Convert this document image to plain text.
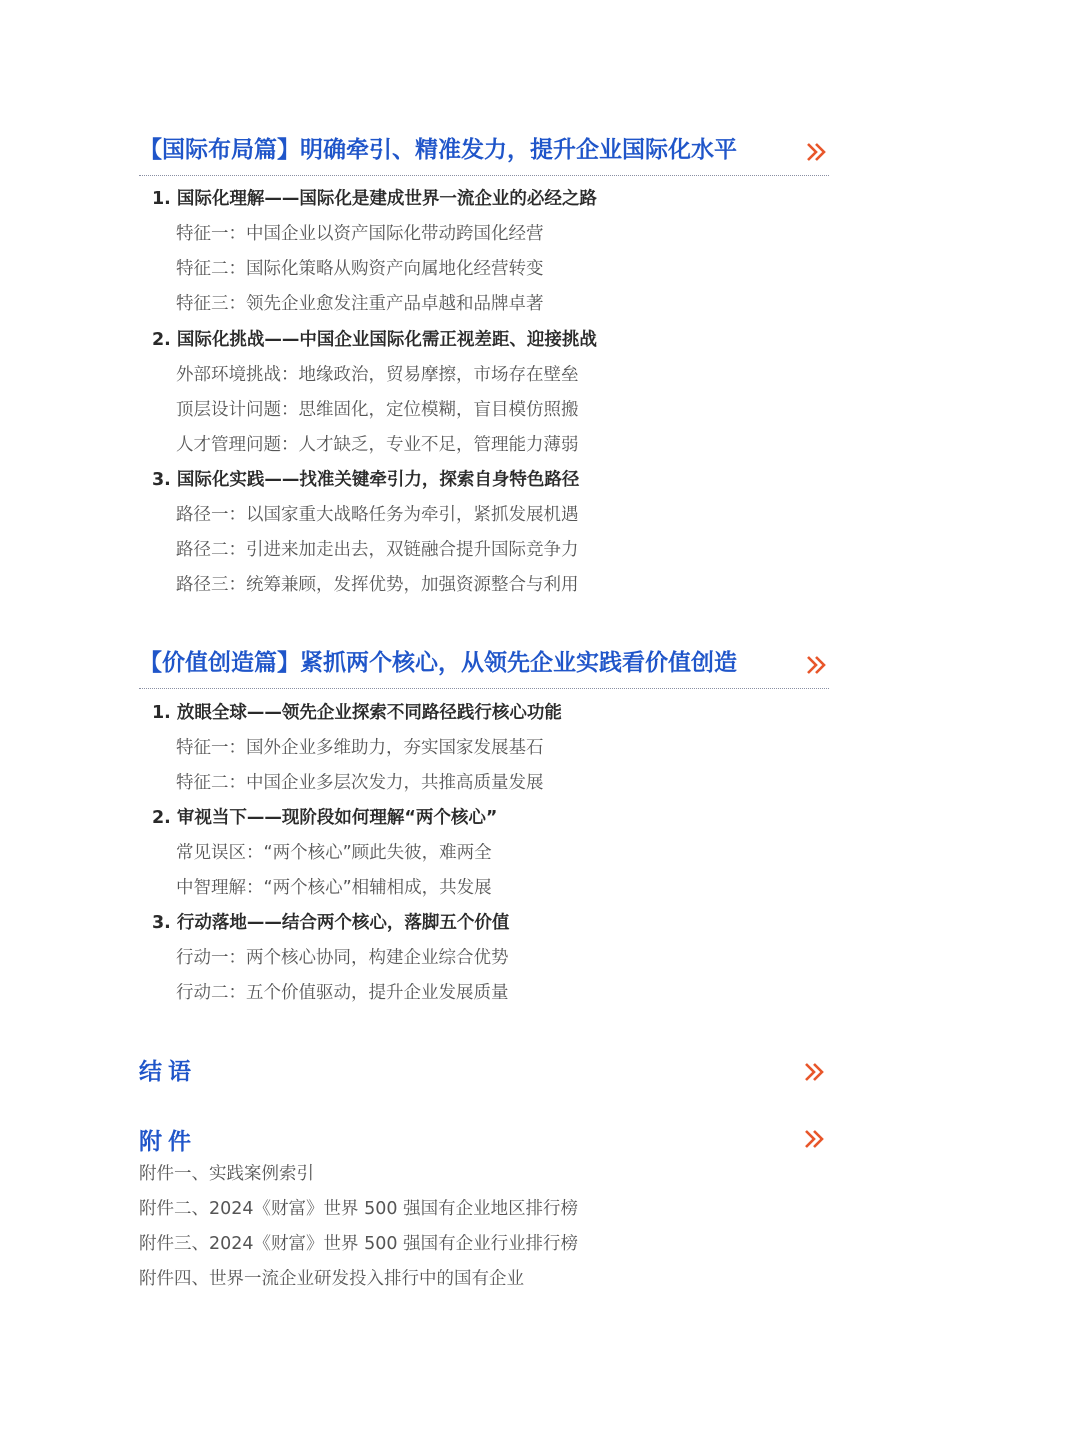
【国际布局篇】明确牵引、精准发力，提升企业国际化水平
1. 国际化理解——国际化是建成世界一流企业的必经之路
特征一：中国企业以资产国际化带动跨国化经营
特征二：国际化策略从购资产向属地化经营转变
特征三：领先企业愈发注重产品卓越和品牌卓著
2. 国际化挑战——中国企业国际化需正视差距、迎接挑战
外部环境挑战：地缘政治，贸易摩擦，市场存在壁垒
顶层设计问题：思维固化，定位模糊，盲目模仿照搬
人才管理问题：人才缺乏，专业不足，管理能力薄弱
3. 国际化实践——找准关键牵引力，探索自身特色路径
路径一：以国家重大战略任务为牵引，紧抓发展机遇
路径二：引进来加走出去，双链融合提升国际竞争力
路径三：统筹兼顾，发挥优势，加强资源整合与利用
【价值创造篇】紧抓两个核心，从领先企业实践看价值创造
1. 放眼全球——领先企业探索不同路径践行核心功能
特征一：国外企业多维助力，夯实国家发展基石
特征二：中国企业多层次发力，共推高质量发展
2. 审视当下——现阶段如何理解“两个核心”
常见误区：“两个核心”顾此失彼，难两全
中智理解：“两个核心”相辅相成，共发展
3. 行动落地——结合两个核心，落脚五个价值
行动一：两个核心协同，构建企业综合优势
行动二：五个价值驱动，提升企业发展质量
结语
附件
附件一、实践案例索引
附件二、2024《财富》世界 500 强国有企业地区排行榜
附件三、2024《财富》世界 500 强国有企业行业排行榜
附件四、世界一流企业研发投入排行中的国有企业
